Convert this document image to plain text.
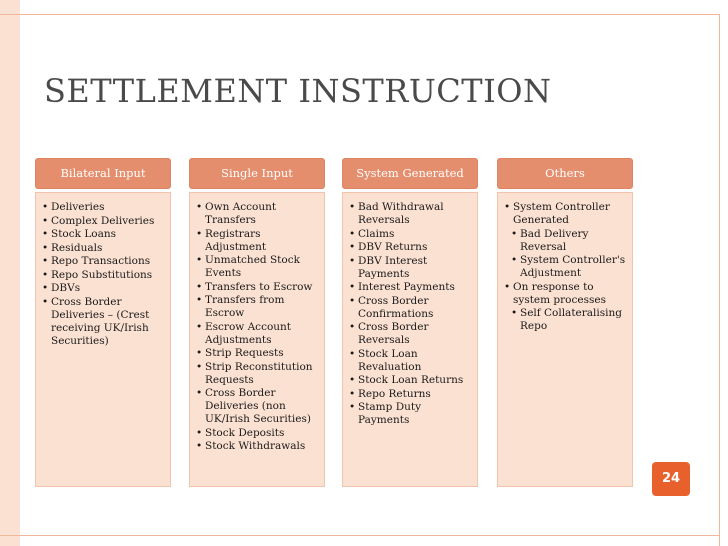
SETTLEMENT INSTRUCTION
Bilateral Input
• Deliveries
• Complex Deliveries
• Stock Loans
• Residuals
• Repo Transactions
• Repo Substitutions
• DBVs
• Cross Border Deliveries – (Crest receiving UK/Irish Securities)
Single Input
• Own Account Transfers
• Registrars Adjustment
• Unmatched Stock Events
• Transfers to Escrow
• Transfers from Escrow
• Escrow Account Adjustments
• Strip Requests
• Strip Reconstitution Requests
• Cross Border Deliveries (non UK/Irish Securities)
• Stock Deposits
• Stock Withdrawals
System Generated
• Bad Withdrawal Reversals
• Claims
• DBV Returns
• DBV Interest Payments
• Interest Payments
• Cross Border Confirmations
• Cross Border Reversals
• Stock Loan Revaluation
• Stock Loan Returns
• Repo Returns
• Stamp Duty Payments
Others
• System Controller Generated
• Bad Delivery Reversal
• System Controller's Adjustment
• On response to system processes
• Self Collateralising Repo
24
